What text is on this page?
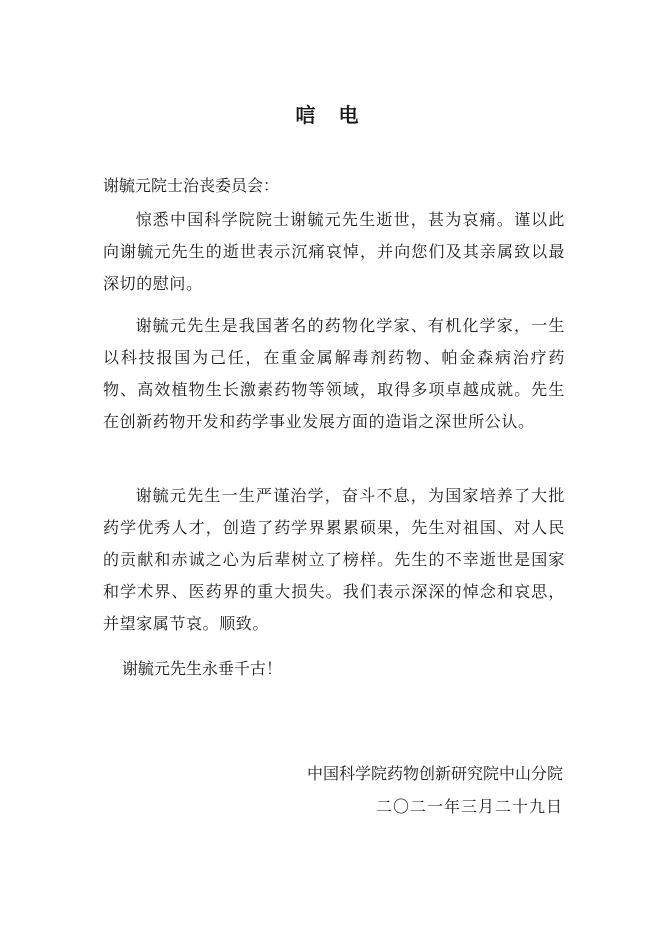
唁 电
谢毓元院士治丧委员会：
惊悉中国科学院院士谢毓元先生逝世，甚为哀痛。谨以此向谢毓元先生的逝世表示沉痛哀悼，并向您们及其亲属致以最深切的慰问。
谢毓元先生是我国著名的药物化学家、有机化学家，一生以科技报国为己任，在重金属解毒剂药物、帕金森病治疗药物、高效植物生长激素药物等领域，取得多项卓越成就。先生在创新药物开发和药学事业发展方面的造诣之深世所公认。
谢毓元先生一生严谨治学，奋斗不息，为国家培养了大批药学优秀人才，创造了药学界累累硕果，先生对祖国、对人民的贡献和赤诚之心为后辈树立了榜样。先生的不幸逝世是国家和学术界、医药界的重大损失。我们表示深深的悼念和哀思，并望家属节哀。顺致。
谢毓元先生永垂千古！
中国科学院药物创新研究院中山分院
二〇二一年三月二十九日
